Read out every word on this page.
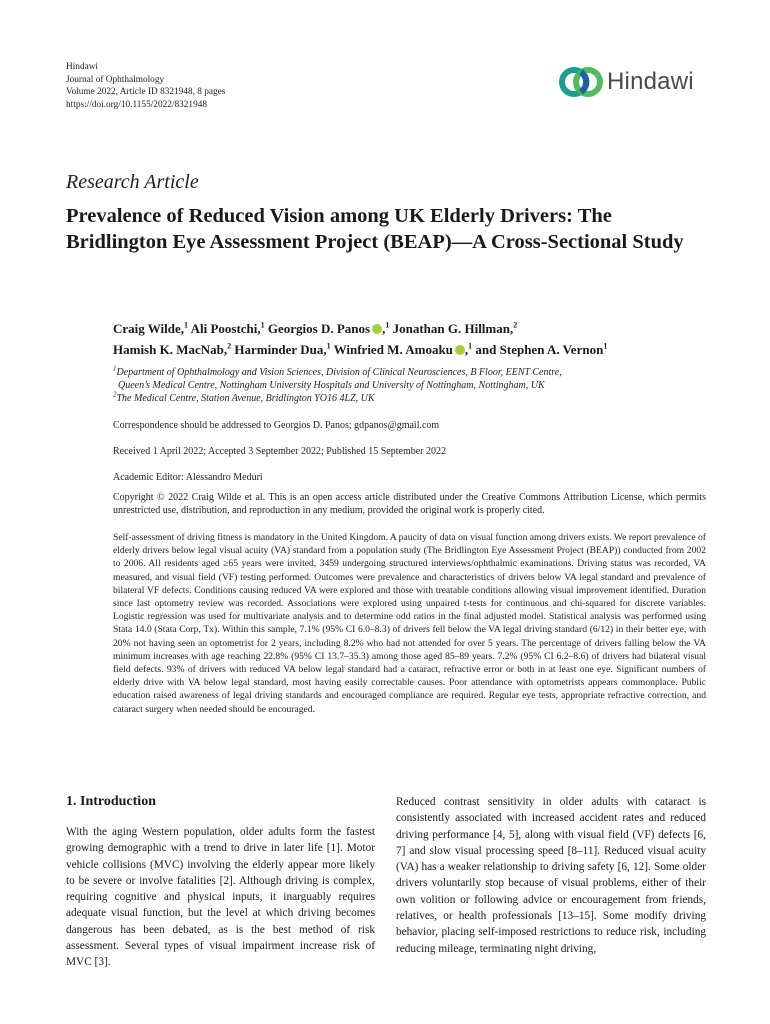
Hindawi
Journal of Ophthalmology
Volume 2022, Article ID 8321948, 8 pages
https://doi.org/10.1155/2022/8321948
Hindawi
Research Article
Prevalence of Reduced Vision among UK Elderly Drivers: The Bridlington Eye Assessment Project (BEAP)—A Cross-Sectional Study
Craig Wilde,$^1$ Ali Poostchi,$^1$ Georgios D. Panos ,$^1$ Jonathan G. Hillman,$^2$
Hamish K. MacNab,$^2$ Harminder Dua,$^1$ Winfried M. Amoaku ,$^1$ and Stephen A. Vernon$^1$
$^1$Department of Ophthalmology and Vision Sciences, Division of Clinical Neurosciences, B Floor, EENT Centre,
Queen’s Medical Centre, Nottingham University Hospitals and University of Nottingham, Nottingham, UK
$^2$The Medical Centre, Station Avenue, Bridlington YO16 4LZ, UK
Correspondence should be addressed to Georgios D. Panos; gdpanos@gmail.com
Received 1 April 2022; Accepted 3 September 2022; Published 15 September 2022
Academic Editor: Alessandro Meduri
Copyright © 2022 Craig Wilde et al. This is an open access article distributed under the Creative Commons Attribution License, which permits unrestricted use, distribution, and reproduction in any medium, provided the original work is properly cited.
Self-assessment of driving fitness is mandatory in the United Kingdom. A paucity of data on visual function among drivers exists. We report prevalence of elderly drivers below legal visual acuity (VA) standard from a population study (The Bridlington Eye Assessment Project (BEAP)) conducted from 2002 to 2006. All residents aged ≥65 years were invited, 3459 undergoing structured interviews/ophthalmic examinations. Driving status was recorded, VA measured, and visual field (VF) testing performed. Outcomes were prevalence and characteristics of drivers below VA legal standard and prevalence of bilateral VF defects. Conditions causing reduced VA were explored and those with treatable conditions allowing visual improvement identified. Duration since last optometry review was recorded. Associations were explored using unpaired t-tests for continuous and chi-squared for discrete variables. Logistic regression was used for multivariate analysis and to determine odd ratios in the final adjusted model. Statistical analysis was performed using Stata 14.0 (Stata Corp, Tx). Within this sample, 7.1% (95% CI 6.0–8.3) of drivers fell below the VA legal driving standard (6/12) in their better eye, with 20% not having seen an optometrist for 2 years, including 8.2% who had not attended for over 5 years. The percentage of drivers falling below the VA minimum increases with age reaching 22.8% (95% CI 13.7–35.3) among those aged 85–89 years. 7.2% (95% CI 6.2–8.6) of drivers had bilateral visual field defects. 93% of drivers with reduced VA below legal standard had a cataract, refractive error or both in at least one eye. Significant numbers of elderly drive with VA below legal standard, most having easily correctable causes. Poor attendance with optometrists appears commonplace. Public education raised awareness of legal driving standards and encouraged compliance are required. Regular eye tests, appropriate refractive correction, and cataract surgery when needed should be encouraged.
1. Introduction
With the aging Western population, older adults form the fastest growing demographic with a trend to drive in later life [1]. Motor vehicle collisions (MVC) involving the elderly appear more likely to be severe or involve fatalities [2]. Although driving is complex, requiring cognitive and physical inputs, it inarguably requires adequate visual function, but the level at which driving becomes dangerous has been debated, as is the best method of risk assessment. Several types of visual impairment increase risk of MVC [3].
Reduced contrast sensitivity in older adults with cataract is consistently associated with increased accident rates and reduced driving performance [4, 5], along with visual field (VF) defects [6, 7] and slow visual processing speed [8–11]. Reduced visual acuity (VA) has a weaker relationship to driving safety [6, 12]. Some older drivers voluntarily stop because of visual problems, either of their own volition or following advice or encouragement from friends, relatives, or health professionals [13–15]. Some modify driving behavior, placing self-imposed restrictions to reduce risk, including reducing mileage, terminating night driving,
